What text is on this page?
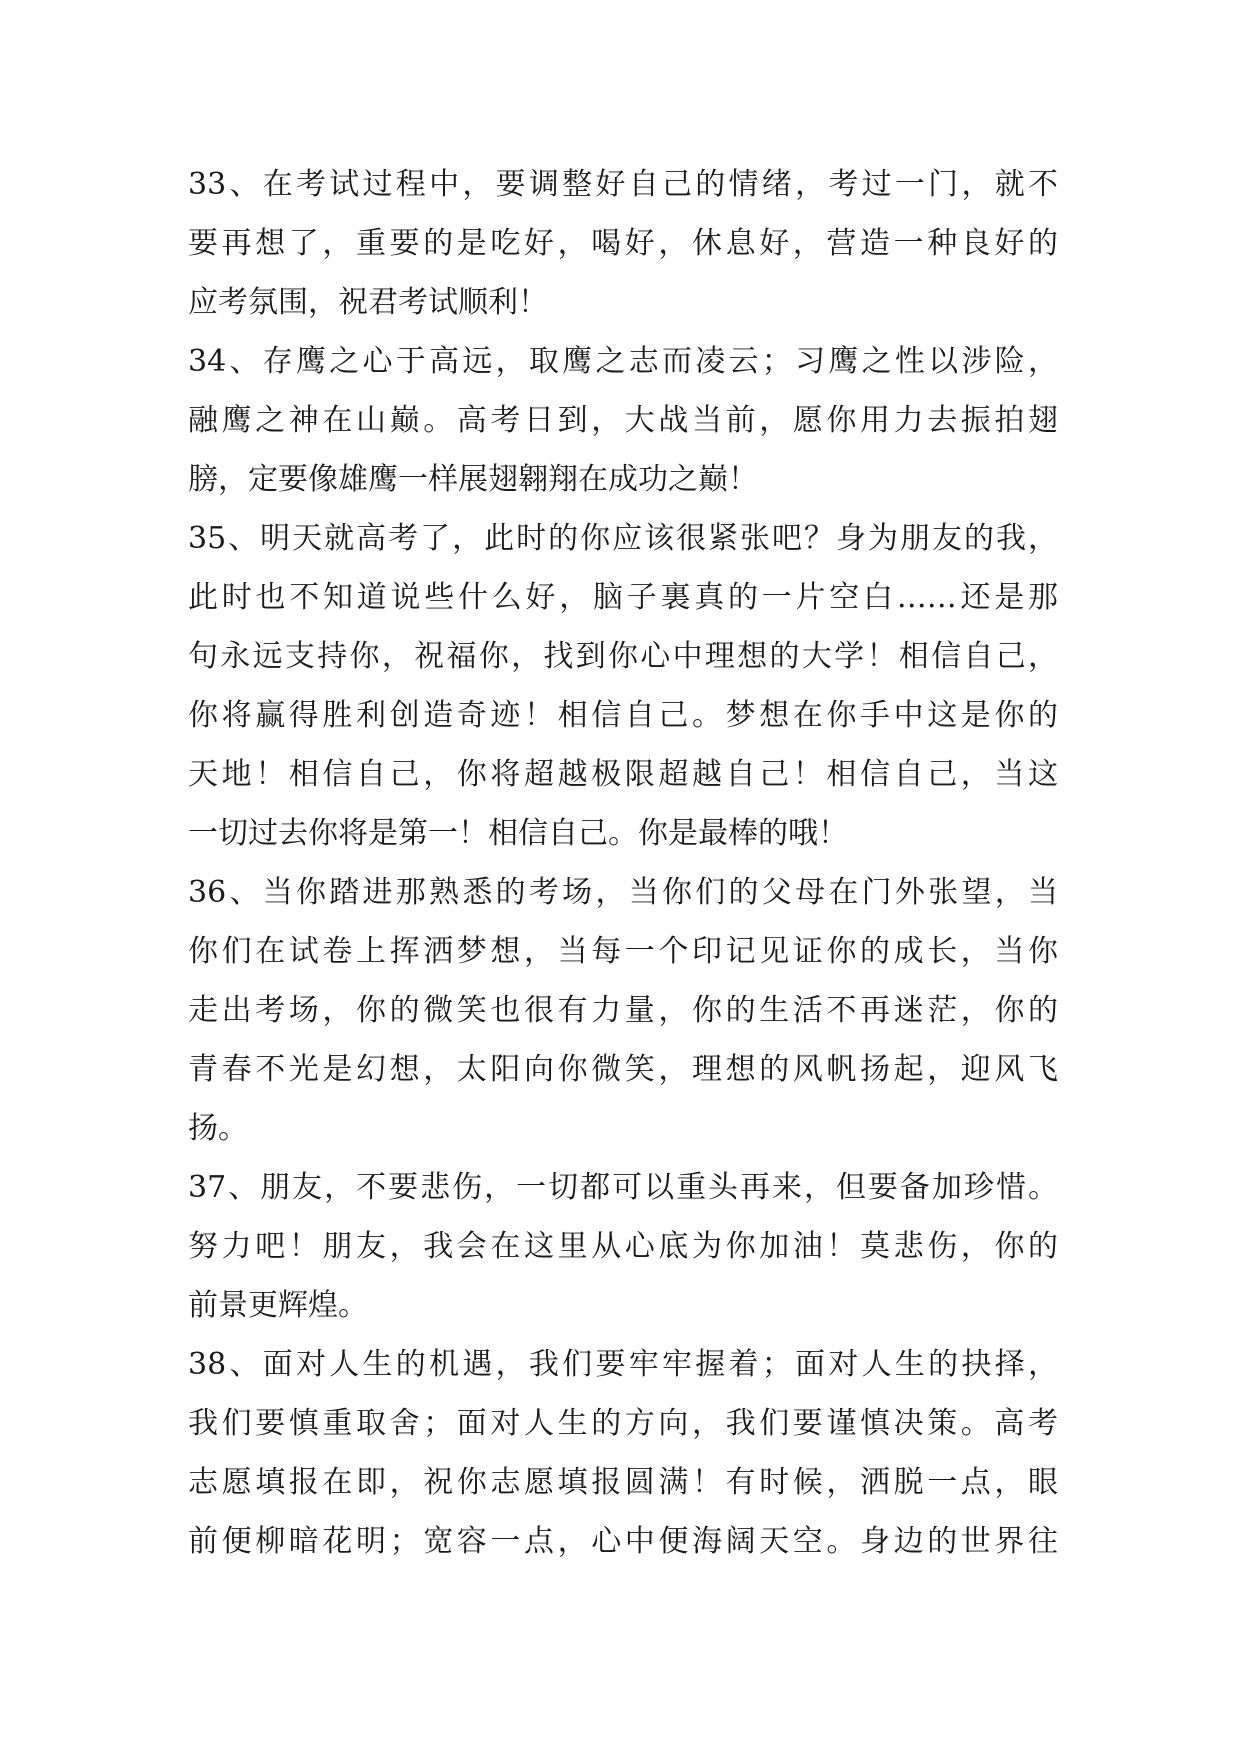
33、在考试过程中，要调整好自己的情绪，考过一门，就不
要再想了，重要的是吃好，喝好，休息好，营造一种良好的
应考氛围，祝君考试顺利！
34、存鹰之心于高远，取鹰之志而凌云；习鹰之性以涉险，
融鹰之神在山巅。高考日到，大战当前，愿你用力去振拍翅
膀，定要像雄鹰一样展翅翱翔在成功之巅！
35、明天就高考了，此时的你应该很紧张吧？身为朋友的我，
此时也不知道说些什么好，脑子裏真的一片空白……还是那
句永远支持你，祝福你，找到你心中理想的大学！相信自己，
你将赢得胜利创造奇迹！相信自己。梦想在你手中这是你的
天地！相信自己，你将超越极限超越自己！相信自己，当这
一切过去你将是第一！相信自己。你是最棒的哦！
36、当你踏进那熟悉的考场，当你们的父母在门外张望，当
你们在试卷上挥洒梦想，当每一个印记见证你的成长，当你
走出考场，你的微笑也很有力量，你的生活不再迷茫，你的
青春不光是幻想，太阳向你微笑，理想的风帆扬起，迎风飞
扬。
37、朋友，不要悲伤，一切都可以重头再来，但要备加珍惜。
努力吧！朋友，我会在这里从心底为你加油！莫悲伤，你的
前景更辉煌。
38、面对人生的机遇，我们要牢牢握着；面对人生的抉择，
我们要慎重取舍；面对人生的方向，我们要谨慎决策。高考
志愿填报在即，祝你志愿填报圆满！有时候，洒脱一点，眼
前便柳暗花明；宽容一点，心中便海阔天空。身边的世界往
